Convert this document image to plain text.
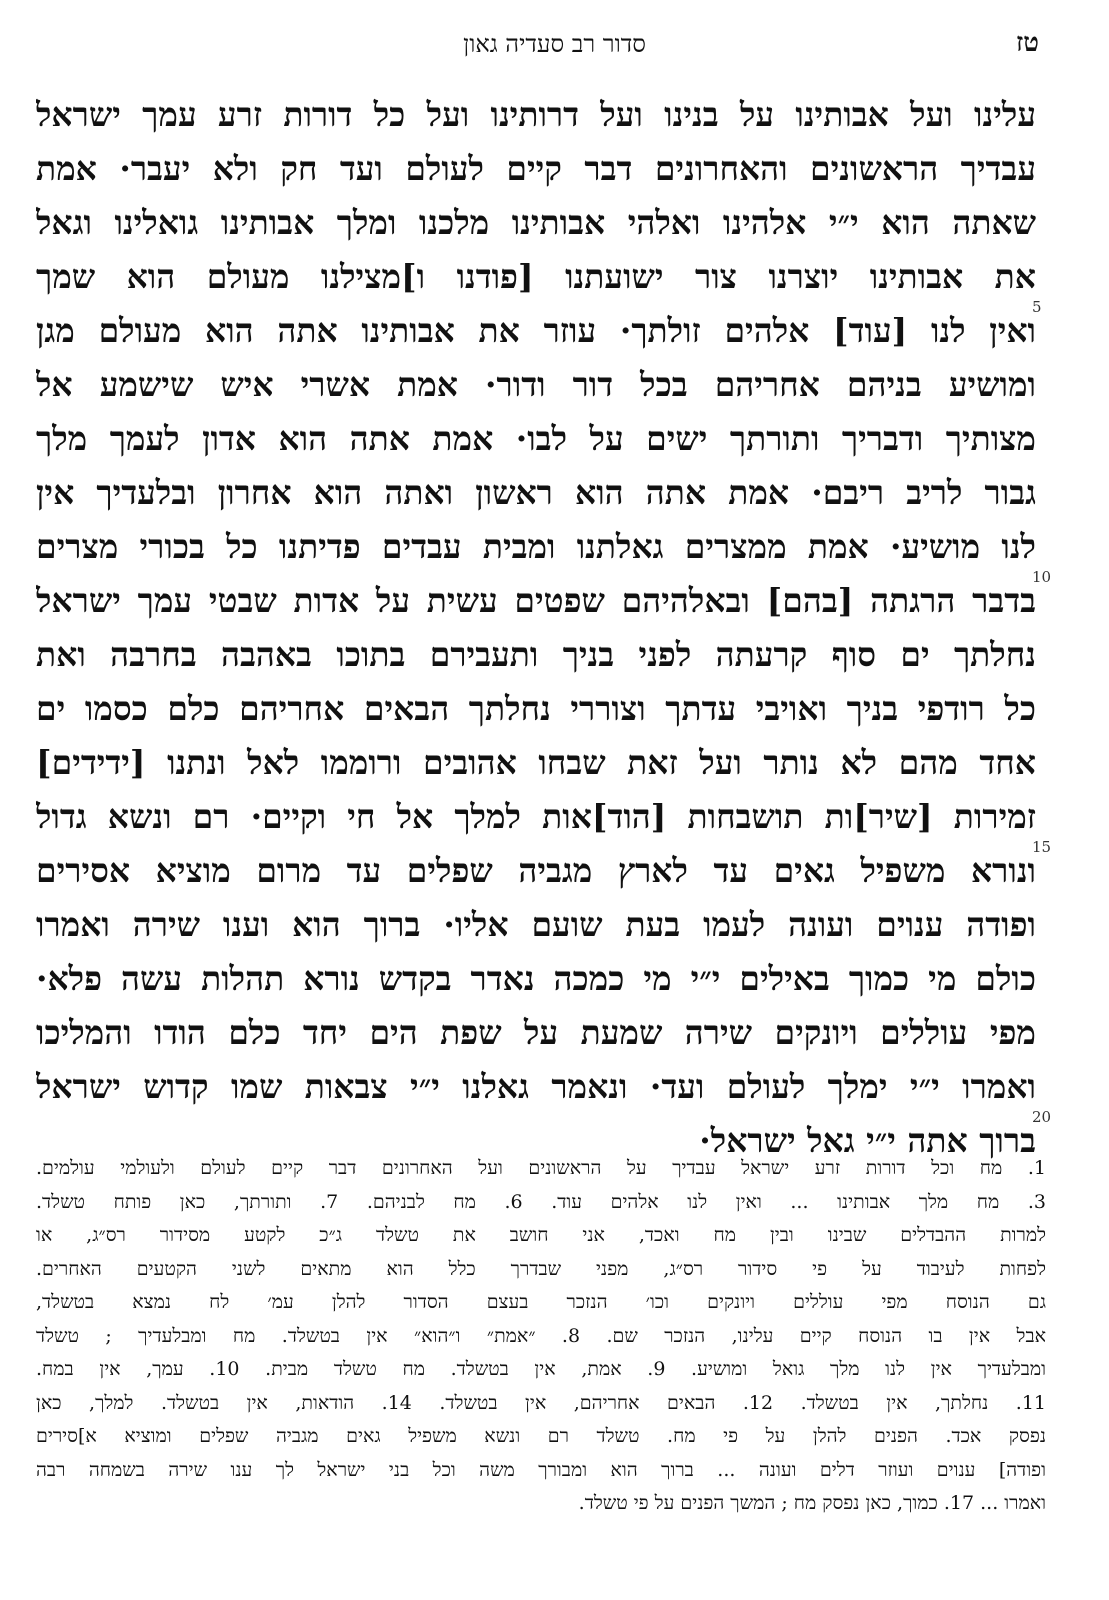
טז
סדור רב סעדיה גאון
עלינו ועל אבותינו על בנינו ועל דרותינו ועל כל דורות זרע עמך ישראל
עבדיך הראשונים והאחרונים דבר קיים לעולם ועד חק ולא יעבר· אמת
שאתה הוא י״י אלהינו ואלהי אבותינו מלכנו ומלך אבותינו גואלינו וגאל
את אבותינו יוצרנו צור ישועתנו [פודנו ו]מצילנו מעולם הוא שמך
ואין לנו [עוד] אלהים זולתך· עוזר את אבותינו אתה הוא מעולם מגן
ומושיע בניהם אחריהם בכל דור ודור· אמת אשרי איש שישמע אל
מצותיך ודבריך ותורתך ישים על לבו· אמת אתה הוא אדון לעמך מלך
גבור לריב ריבם· אמת אתה הוא ראשון ואתה הוא אחרון ובלעדיך אין
לנו מושיע· אמת ממצרים גאלתנו ומבית עבדים פדיתנו כל בכורי מצרים
בדבר הרגתה [בהם] ובאלהיהם שפטים עשית על אדות שבטי עמך ישראל
נחלתך ים סוף קרעתה לפני בניך ותעבירם בתוכו באהבה בחרבה ואת
כל רודפי בניך ואויבי עדתך וצוררי נחלתך הבאים אחריהם כלם כסמו ים
אחד מהם לא נותר ועל זאת שבחו אהובים ורוממו לאל ונתנו [ידידים]
זמירות [שיר]ות תושבחות [הוד]אות למלך אל חי וקיים· רם ונשא גדול
ונורא משפיל גאים עד לארץ מגביה שפלים עד מרום מוציא אסירים
ופודה ענוים ועונה לעמו בעת שועם אליו· ברוך הוא וענו שירה ואמרו
כולם מי כמוך באילים י״י מי כמכה נאדר בקדש נורא תהלות עשה פלא·
מפי עוללים ויונקים שירה שמעת על שפת הים יחד כלם הודו והמליכו
ואמרו י״י ימלך לעולם ועד· ונאמר גאלנו י״י צבאות שמו קדוש ישראל
ברוך אתה י״י גאל ישראל·
5
10
15
20
1. מח וכל דורות זרע ישראל עבדיך על הראשונים ועל האחרונים דבר קיים לעולם ולעולמי עולמים.
3. מח מלך אבותינו ... ואין לנו אלהים עוד. 6. מח לבניהם. 7. ותורתך, כאן פותח טשלד.
למרות ההבדלים שבינו ובין מח ואכד, אני חושב את טשלד ג״כ לקטע מסידור רס״ג, או
לפחות לעיבוד על פי סידור רס״ג, מפני שבדרך כלל הוא מתאים לשני הקטעים האחרים.
גם הנוסח מפי עוללים ויונקים וכו׳ הנזכר בעצם הסדור להלן עמ׳ לח נמצא בטשלד,
אבל אין בו הנוסח קיים עלינו, הנזכר שם. 8. ״אמת״ ו״הוא״ אין בטשלד. מח ומבלעדיך ; טשלד
ומבלעדיך אין לנו מלך גואל ומושיע. 9. אמת, אין בטשלד. מח טשלד מבית. 10. עמך, אין במח.
11. נחלתך, אין בטשלד. 12. הבאים אחריהם, אין בטשלד. 14. הודאות, אין בטשלד. למלך, כאן
נפסק אכד. הפנים להלן על פי מח. טשלד רם ונשא משפיל גאים מגביה שפלים ומוציא א]סירים
ופודה] ענוים ועוזר דלים ועונה ... ברוך הוא ומבורך משה וכל בני ישראל לך ענו שירה בשמחה רבה
ואמרו ... 17. כמוך, כאן נפסק מח ; המשך הפנים על פי טשלד.
